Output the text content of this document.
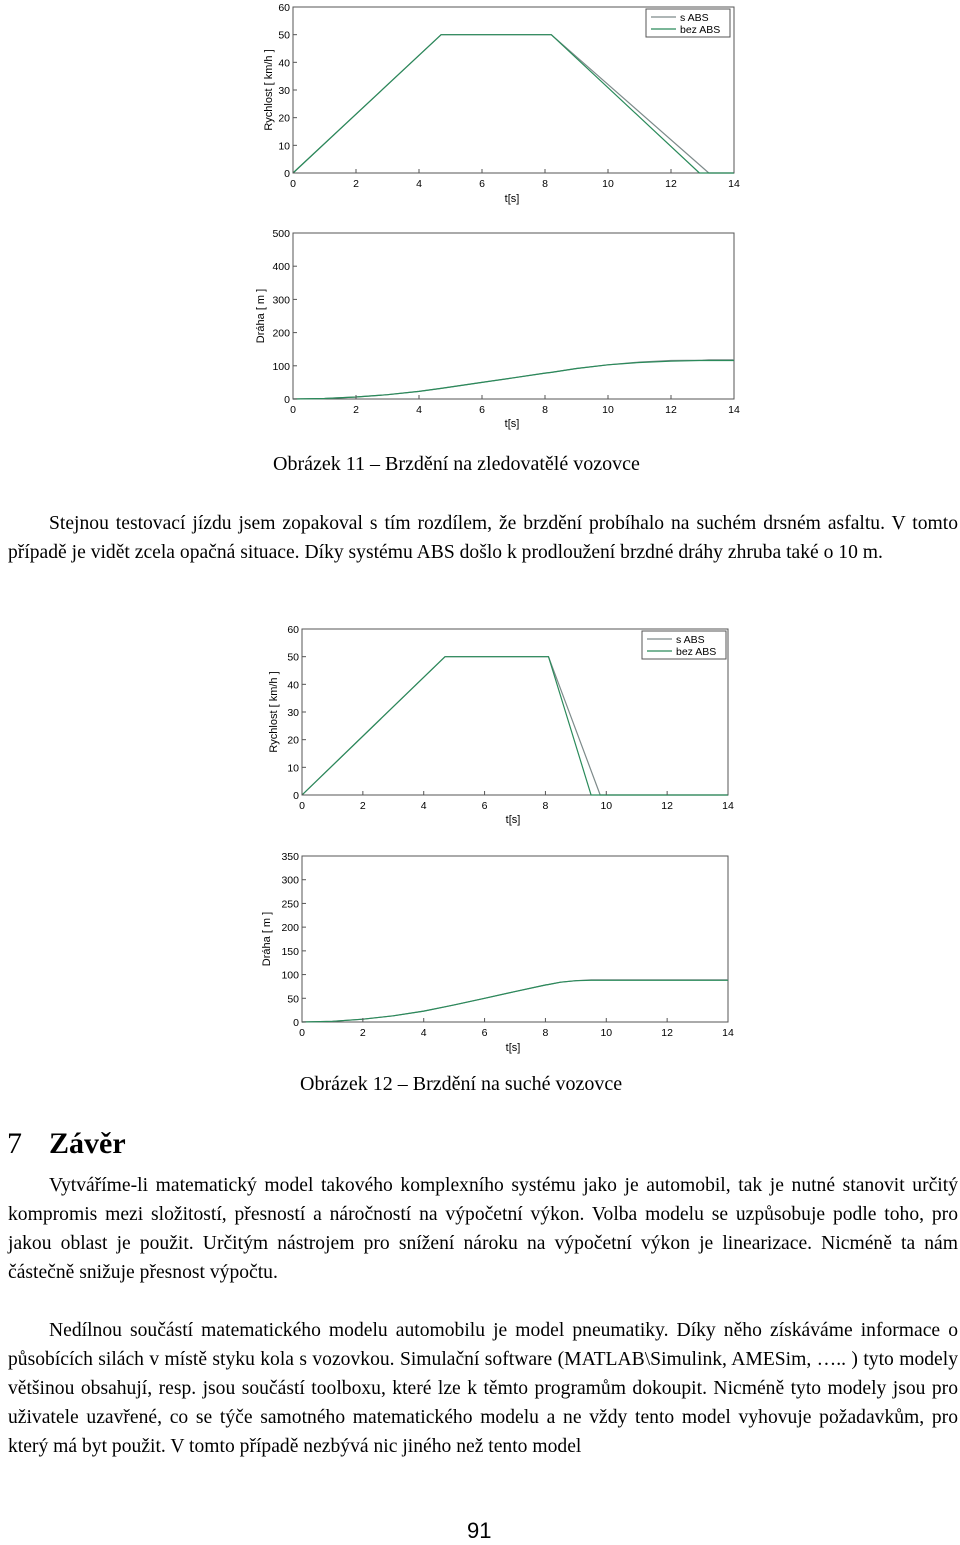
0	2	4	6	8	10	12	14
0
10
20
30
40
50
60
t[s]
Rychlost [ km/h ]
s ABS
bez ABS
0	2	4	6	8	10	12	14
0
100
200
300
400
500
t[s]
Dráha [ m ]
0	2	4	6	8	10	12	14
0
10
20
30
40
50
60
t[s]
Rychlost [ km/h ]
s ABS
bez ABS
0	2	4	6	8	10	12	14
0
50
100
150
200
250
300
350
t[s]
Dráha [ m ]
Obrázek 11 – Brzdění na zledovatělé vozovce

Stejnou testovací jízdu jsem zopakoval s tím rozdílem, že brzdění probíhalo na suchém drsném asfaltu. V tomto případě je vidět zcela opačná situace. Díky systému ABS došlo k prodloužení brzdné dráhy zhruba také o 10 m.

Obrázek 12 – Brzdění na suché vozovce
7 Závěr

Vytváříme-li matematický model takového komplexního systému jako je automobil, tak je nutné stanovit určitý kompromis mezi složitostí, přesností a náročností na výpočetní výkon. Volba modelu se uzpůsobuje podle toho, pro jakou oblast je použit. Určitým nástrojem pro snížení nároku na výpočetní výkon je linearizace. Nicméně ta nám částečně snižuje přesnost výpočtu.

Nedílnou součástí matematického modelu automobilu je model pneumatiky. Díky něho získáváme informace o působících silách v místě styku kola s vozovkou. Simulační software (MATLAB\Simulink, AMESim, ….. ) tyto modely většinou obsahují, resp. jsou součástí toolboxu, které lze k těmto programům dokoupit. Nicméně tyto modely jsou pro uživatele uzavřené, co se týče samotného matematického modelu a ne vždy tento model vyhovuje požadavkům, pro který má byt použit. V tomto případě nezbývá nic jiného než tento model

91
